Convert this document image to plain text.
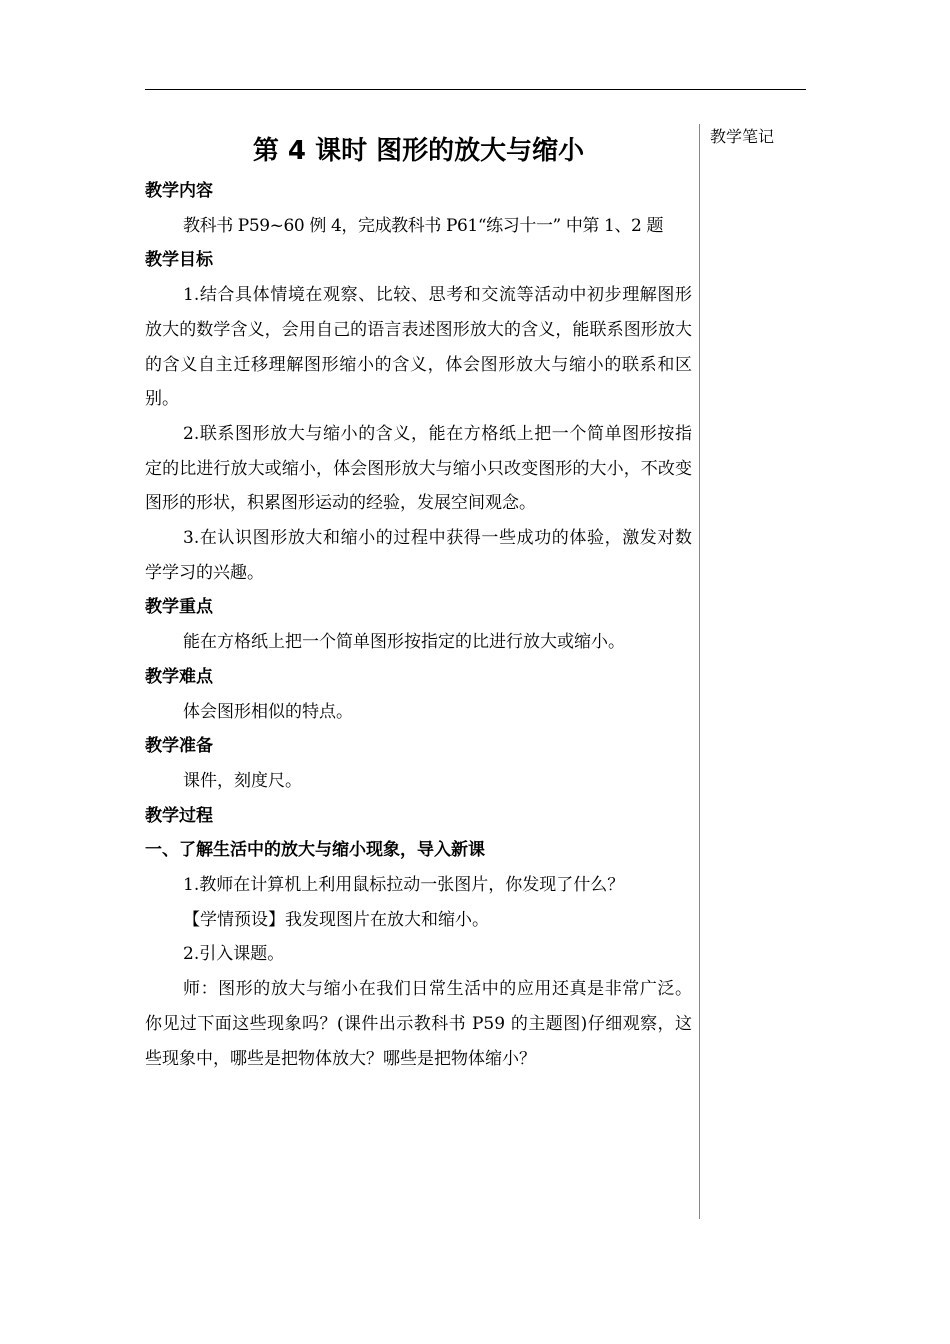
教学笔记
第 4 课时 图形的放大与缩小
教学内容

教科书 P59~60 例 4，完成教科书 P61“练习十一” 中第 1、2 题

教学目标

1.结合具体情境在观察、比较、思考和交流等活动中初步理解图形放大的数学含义，会用自己的语言表述图形放大的含义，能联系图形放大的含义自主迁移理解图形缩小的含义，体会图形放大与缩小的联系和区别。

2.联系图形放大与缩小的含义，能在方格纸上把一个简单图形按指定的比进行放大或缩小，体会图形放大与缩小只改变图形的大小，不改变图形的形状，积累图形运动的经验，发展空间观念。

3.在认识图形放大和缩小的过程中获得一些成功的体验，激发对数学学习的兴趣。

教学重点

能在方格纸上把一个简单图形按指定的比进行放大或缩小。

教学难点

体会图形相似的特点。

教学准备

课件，刻度尺。

教学过程
一、了解生活中的放大与缩小现象，导入新课

1.教师在计算机上利用鼠标拉动一张图片，你发现了什么？

【学情预设】我发现图片在放大和缩小。

2.引入课题。

师：图形的放大与缩小在我们日常生活中的应用还真是非常广泛。你见过下面这些现象吗？(课件出示教科书 P59 的主题图)仔细观察，这些现象中，哪些是把物体放大？哪些是把物体缩小？
